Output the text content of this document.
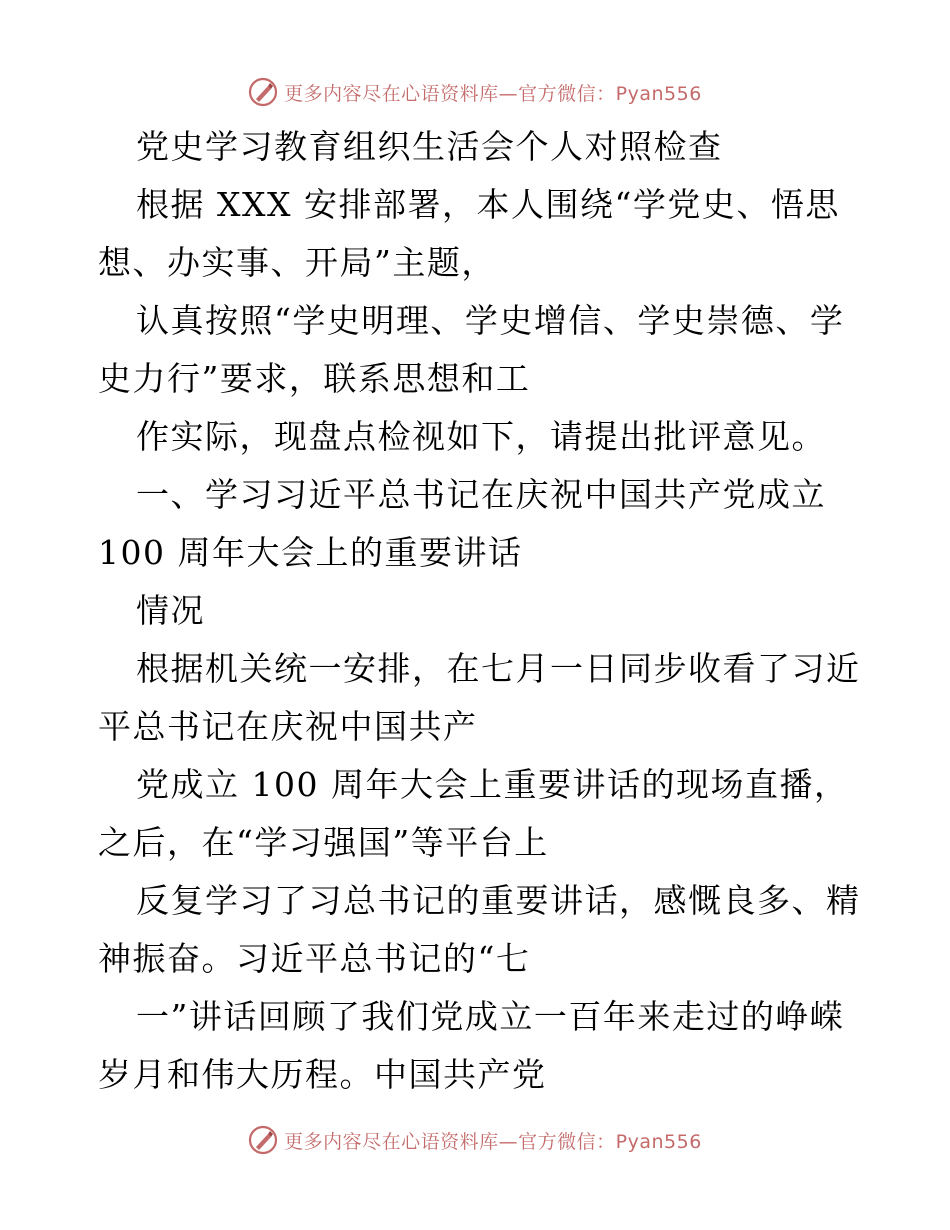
更多内容尽在心语资料库—官方微信：Pyan556
党史学习教育组织生活会个人对照检查
根据 XXX 安排部署，本人围绕“学党史、悟思
想、办实事、开局”主题，
认真按照“学史明理、学史增信、学史崇德、学
史力行”要求，联系思想和工
作实际，现盘点检视如下，请提出批评意见。
一、学习习近平总书记在庆祝中国共产党成立
100 周年大会上的重要讲话
情况
根据机关统一安排，在七月一日同步收看了习近
平总书记在庆祝中国共产
党成立 100 周年大会上重要讲话的现场直播，
之后，在“学习强国”等平台上
反复学习了习总书记的重要讲话，感慨良多、精
神振奋。习近平总书记的“七
一”讲话回顾了我们党成立一百年来走过的峥嵘
岁月和伟大历程。中国共产党
更多内容尽在心语资料库—官方微信：Pyan556
